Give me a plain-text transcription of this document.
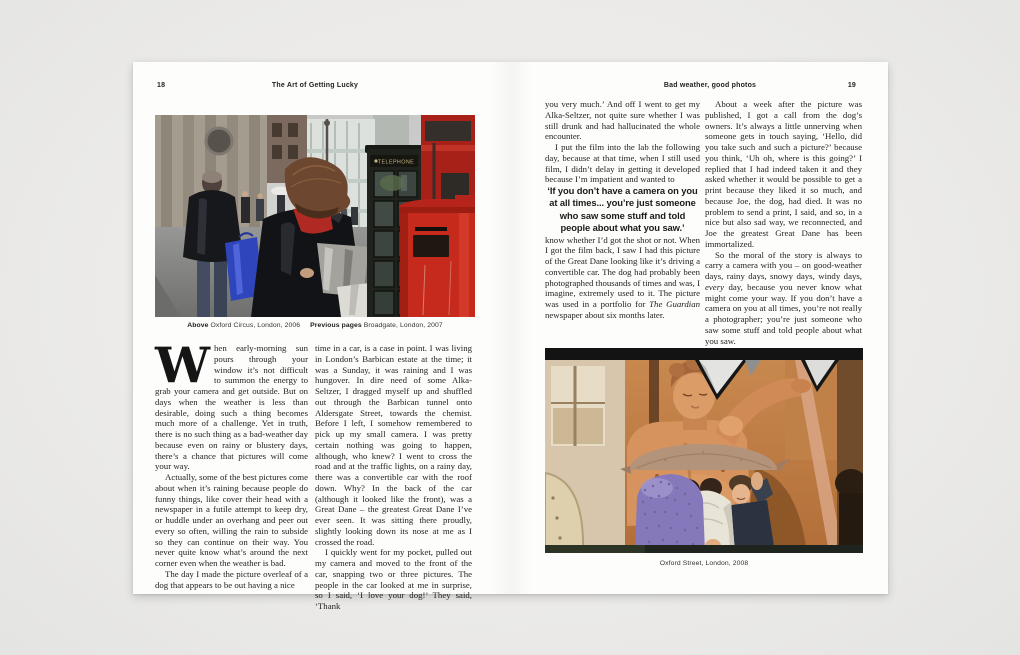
18	The Art of Getting Lucky	Bad weather, good photos	19
TELEPHONE
Above Oxford Circus, London, 2006 Previous pages Broadgate, London, 2007

When early-morning sun pours through your window it’s not difficult to summon the energy to grab your camera and get outside. But on days when the weather is less than desirable, doing such a thing becomes much more of a challenge. Yet in truth, there is no such thing as a bad-weather day because even on rainy or blustery days, there’s a chance that pictures will come your way.

Actually, some of the best pictures come about when it’s raining because people do funny things, like cover their head with a newspaper in a futile attempt to keep dry, or huddle under an overhang and peer out every so often, willing the rain to subside so they can continue on their way. You never quite know what’s around the next corner even when the weather is bad.

The day I made the picture overleaf of a dog that appears to be out having a nice

time in a car, is a case in point. I was living in London’s Barbican estate at the time; it was a Sunday, it was raining and I was hungover. In dire need of some Alka-Seltzer, I dragged myself up and shuffled out through the Barbican tunnel onto Aldersgate Street, towards the chemist. Before I left, I somehow remembered to pick up my small camera. I was pretty certain nothing was going to happen, although, who knew? I went to cross the road and at the traffic lights, on a rainy day, there was a convertible car with the roof down. Why? In the back of the car (although it looked like the front), was a Great Dane – the greatest Great Dane I’ve ever seen. It was sitting there proudly, slightly looking down its nose at me as I crossed the road.

I quickly went for my pocket, pulled out my camera and moved to the front of the car, snapping two or three pictures. The people in the car looked at me in surprise, so I said, ‘I love your dog!’ They said, ‘Thank

you very much.’ And off I went to get my Alka-Seltzer, not quite sure whether I was still drunk and had hallucinated the whole encounter.

I put the film into the lab the following day, because at that time, when I still used film, I didn’t delay in getting it developed because I’m impatient and wanted to

‘If you don’t have a camera on you at all times... you’re just someone who saw some stuff and told people about what you saw.’

know whether I’d got the shot or not. When I got the film back, I saw I had this picture of the Great Dane looking like it’s driving a convertible car. The dog had probably been photographed thousands of times and was, I imagine, extremely used to it. The picture was used in a portfolio for The Guardian newspaper about six months later.

About a week after the picture was published, I got a call from the dog’s owners. It’s always a little unnerving when someone gets in touch saying, ‘Hello, did you take such and such a picture?’ because you think, ‘Uh oh, where is this going?’ I replied that I had indeed taken it and they asked whether it would be possible to get a print because they liked it so much, and because Joe, the dog, had died. It was no problem to send a print, I said, and so, in a nice but also sad way, we reconnected, and Joe the greatest Great Dane has been immortalized.

So the moral of the story is always to carry a camera with you – on good-weather days, rainy days, snowy days, windy days, every day, because you never know what might come your way. If you don’t have a camera on you at all times, you’re not really a photographer; you’re just someone who saw some stuff and told people about what you saw.

Oxford Street, London, 2008
